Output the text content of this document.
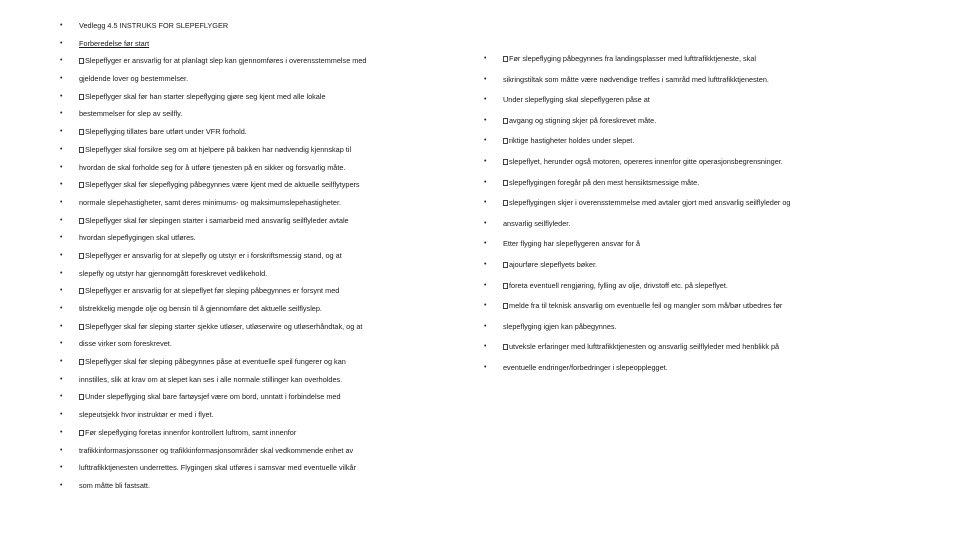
• Vedlegg 4.5 INSTRUKS FOR SLEPEFLYGER
• Forberedelse før start
•	Slepeflyger er ansvarlig for at planlagt slep kan gjennomføres i overensstemmelse med
• gjeldende lover og bestemmelser.
•	Slepeflyger skal før han starter slepeflyging gjøre seg kjent med alle lokale
• bestemmelser for slep av seilfly.
•	Slepeflyging tillates bare utført under VFR forhold.
•	Slepeflyger skal forsikre seg om at hjelpere på bakken har nødvendig kjennskap til
• hvordan de skal forholde seg for å utføre tjenesten på en sikker og forsvarlig måte.
•	Slepeflyger skal før slepeflyging påbegynnes være kjent med de aktuelle seilflytypers
• normale slepehastigheter, samt deres minimums- og maksimumslepehastigheter.
•	Slepeflyger skal før slepingen starter i samarbeid med ansvarlig seilflyleder avtale
• hvordan slepeflygingen skal utføres.
•	Slepeflyger er ansvarlig for at slepefly og utstyr er i forskriftsmessig stand, og at
• slepefly og utstyr har gjennomgått foreskrevet vedlikehold.
•	Slepeflyger er ansvarlig for at slepeflyet før sleping påbegynnes er forsynt med
• tilstrekkelig mengde olje og bensin til å gjennomføre det aktuelle seilflyslep.
•	Slepeflyger skal før sleping starter sjekke utløser, utløserwire og utløserhåndtak, og at
• disse virker som foreskrevet.
•	Slepeflyger skal før sleping påbegynnes påse at eventuelle speil fungerer og kan
• innstilles, slik at krav om at slepet kan ses i alle normale stillinger kan overholdes.
•	Under slepeflyging skal bare fartøysjef være om bord, unntatt i forbindelse med
• slepeutsjekk hvor instruktør er med i flyet.
•	Før slepeflyging foretas innenfor kontrollert luftrom, samt innenfor
• trafikkinformasjonssoner og trafikkinformasjonsområder skal vedkommende enhet av
• lufttrafikktjenesten underrettes. Flygingen skal utføres i samsvar med eventuelle vilkår
• som måtte bli fastsatt.
•	Før slepeflyging påbegynnes fra landingsplasser med lufttrafikktjeneste, skal
• sikringstiltak som måtte være nødvendige treffes i samråd med lufttrafikktjenesten.
• Under slepeflyging skal slepeflygeren påse at
•	avgang og stigning skjer på foreskrevet måte.
•	riktige hastigheter holdes under slepet.
•	slepeflyet, herunder også motoren, opereres innenfor gitte operasjonsbegrensninger.
•	slepeflygingen foregår på den mest hensiktsmessige måte.
•	slepeflygingen skjer i overensstemmelse med avtaler gjort med ansvarlig seilflyleder og
• ansvarlig seilflyleder.
• Etter flyging har slepeflygeren ansvar for å
•	ajourføre slepeflyets bøker.
•	foreta eventuell rengjøring, fylling av olje, drivstoff etc. på slepeflyet.
•	melde fra til teknisk ansvarlig om eventuelle feil og mangler som må/bør utbedres før
• slepeflyging igjen kan påbegynnes.
•	utveksle erfaringer med lufttrafikktjenesten og ansvarlig seilflyleder med henblikk på
• eventuelle endringer/forbedringer i slepeopplegget.
